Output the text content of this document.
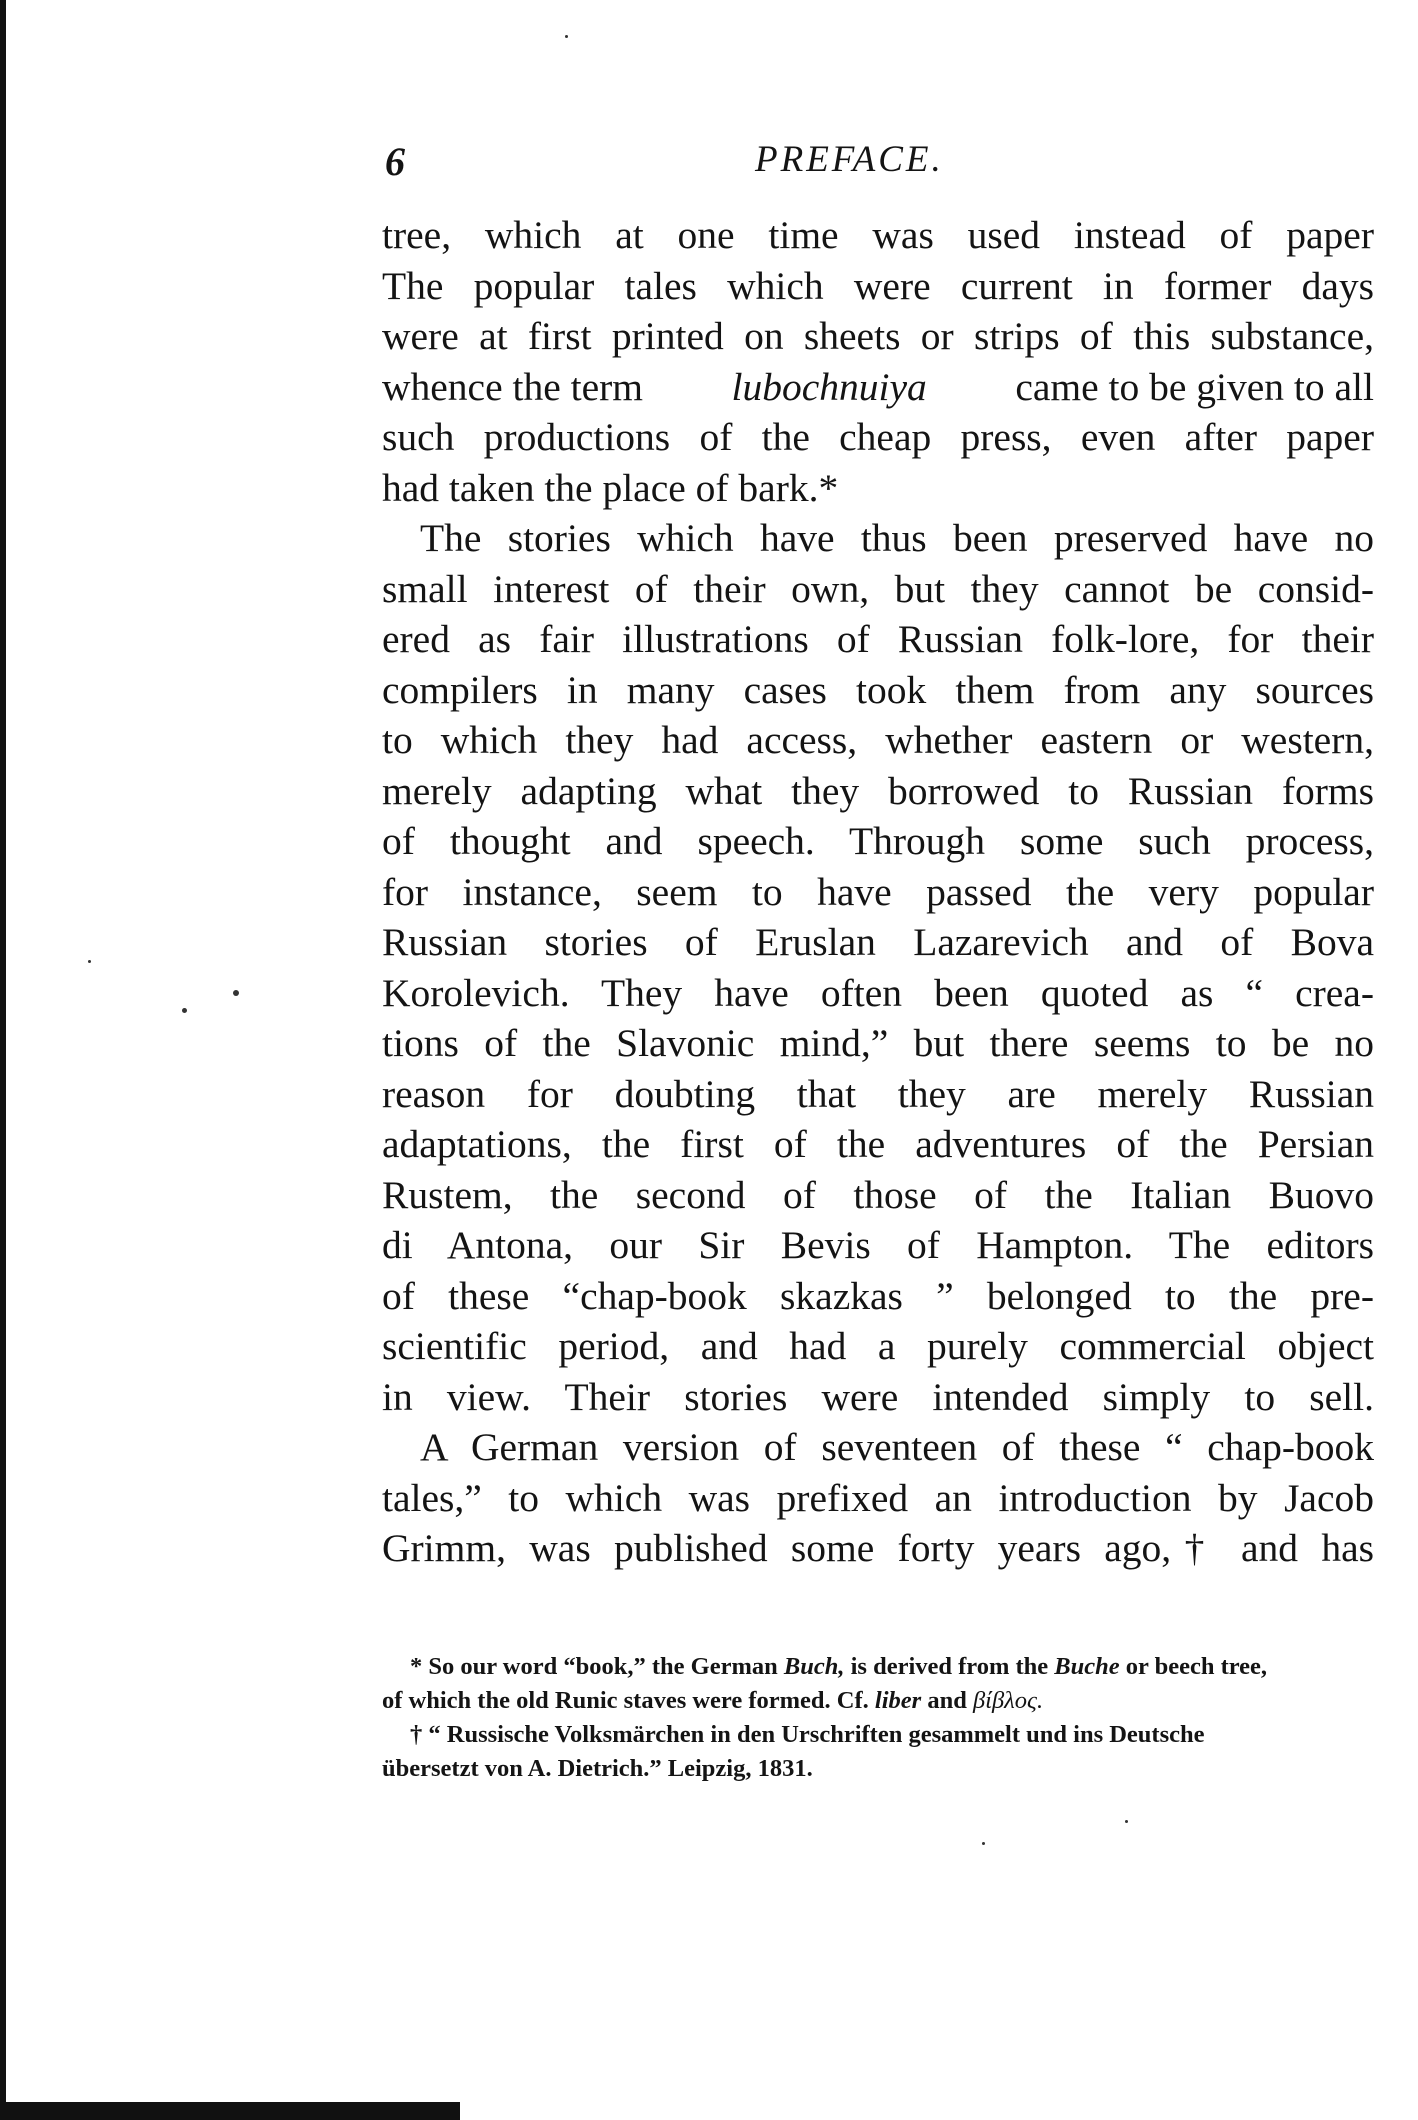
6	PREFACE.
tree, which at one time was used instead of paper
The popular tales which were current in former days
were at first printed on sheets or strips of this substance,
whence the term lubochnuiya came to be given to all
such productions of the cheap press, even after paper
had taken the place of bark.*
The stories which have thus been preserved have no
small interest of their own, but they cannot be consid-
ered as fair illustrations of Russian folk-lore, for their
compilers in many cases took them from any sources
to which they had access, whether eastern or western,
merely adapting what they borrowed to Russian forms
of thought and speech. Through some such process,
for instance, seem to have passed the very popular
Russian stories of Eruslan Lazarevich and of Bova
Korolevich. They have often been quoted as “ crea-
tions of the Slavonic mind,” but there seems to be no
reason for doubting that they are merely Russian
adaptations, the first of the adventures of the Persian
Rustem, the second of those of the Italian Buovo
di Antona, our Sir Bevis of Hampton. The editors
of these “chap-book skazkas ” belonged to the pre-
scientific period, and had a purely commercial object
in view. Their stories were intended simply to sell.
A German version of seventeen of these “ chap-book
tales,” to which was prefixed an introduction by Jacob
Grimm, was published some forty years ago,† and has
* So our word “book,” the German Buch, is derived from the Buche or beech tree,
of which the old Runic staves were formed. Cf. liber and βίβλος.
† “ Russische Volksmärchen in den Urschriften gesammelt und ins Deutsche
übersetzt von A. Dietrich.” Leipzig, 1831.
